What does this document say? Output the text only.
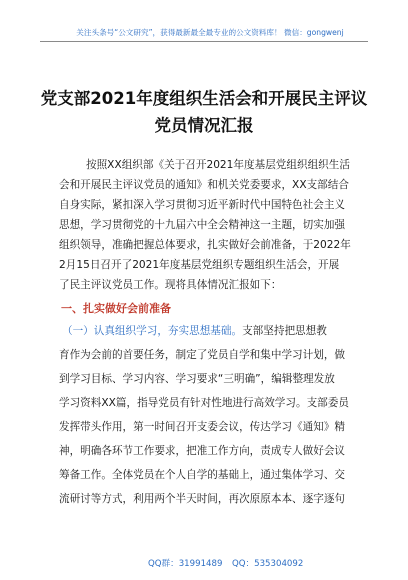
关注头条号“公文研究”，获得最新最全最专业的公文资料库！ 微信：gongwenj
党支部2021年度组织生活会和开展民主评议
党员情况汇报
按照XX组织部《关于召开2021年度基层党组织组织生活
会和开展民主评议党员的通知》和机关党委要求，XX支部结合
自身实际，紧扣深入学习贯彻习近平新时代中国特色社会主义
思想，学习贯彻党的十九届六中全会精神这一主题，切实加强
组织领导，准确把握总体要求，扎实做好会前准备，于2022年
2月15日召开了2021年度基层党组织专题组织生活会，开展
了民主评议党员工作。现将具体情况汇报如下：
一、扎实做好会前准备
（一）认真组织学习，夯实思想基础。支部坚持把思想教
育作为会前的首要任务，制定了党员自学和集中学习计划，做
到学习目标、学习内容、学习要求“三明确”，编辑整理发放
学习资料XX篇，指导党员有针对性地进行高效学习。支部委员
发挥带头作用，第一时间召开支委会议，传达学习《通知》精
神，明确各环节工作要求，把准工作方向，责成专人做好会议
筹备工作。全体党员在个人自学的基础上，通过集体学习、交
流研讨等方式，利用两个半天时间，再次原原本本、逐字逐句
QQ群：31991489 QQ：535304092
